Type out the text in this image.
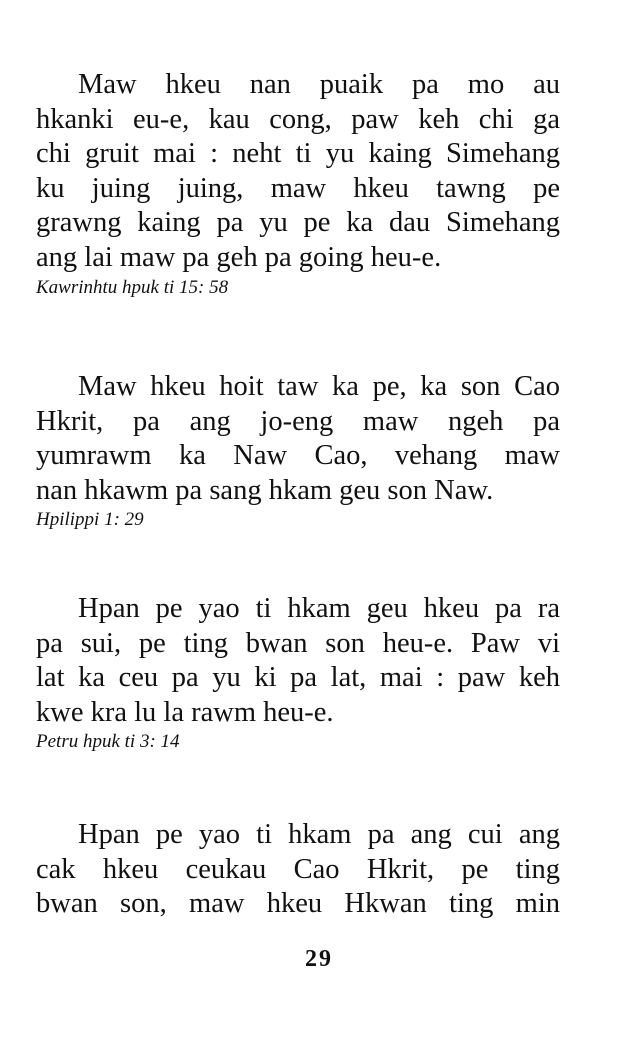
Maw hkeu nan puaik pa mo au
hkanki eu-e, kau cong, paw keh chi ga
chi gruit mai : neht ti yu kaing Simehang
ku juing juing, maw hkeu tawng pe
grawng kaing pa yu pe ka dau Simehang
ang lai maw pa geh pa going heu-e.
Kawrinhtu hpuk ti 15: 58
Maw hkeu hoit taw ka pe, ka son Cao
Hkrit, pa ang jo-eng maw ngeh pa
yumrawm ka Naw Cao, vehang maw
nan hkawm pa sang hkam geu son Naw.
Hpilippi 1: 29
Hpan pe yao ti hkam geu hkeu pa ra
pa sui, pe ting bwan son heu-e. Paw vi
lat ka ceu pa yu ki pa lat, mai : paw keh
kwe kra lu la rawm heu-e.
Petru hpuk ti 3: 14
Hpan pe yao ti hkam pa ang cui ang
cak hkeu ceukau Cao Hkrit, pe ting
bwan son, maw hkeu Hkwan ting min
29
